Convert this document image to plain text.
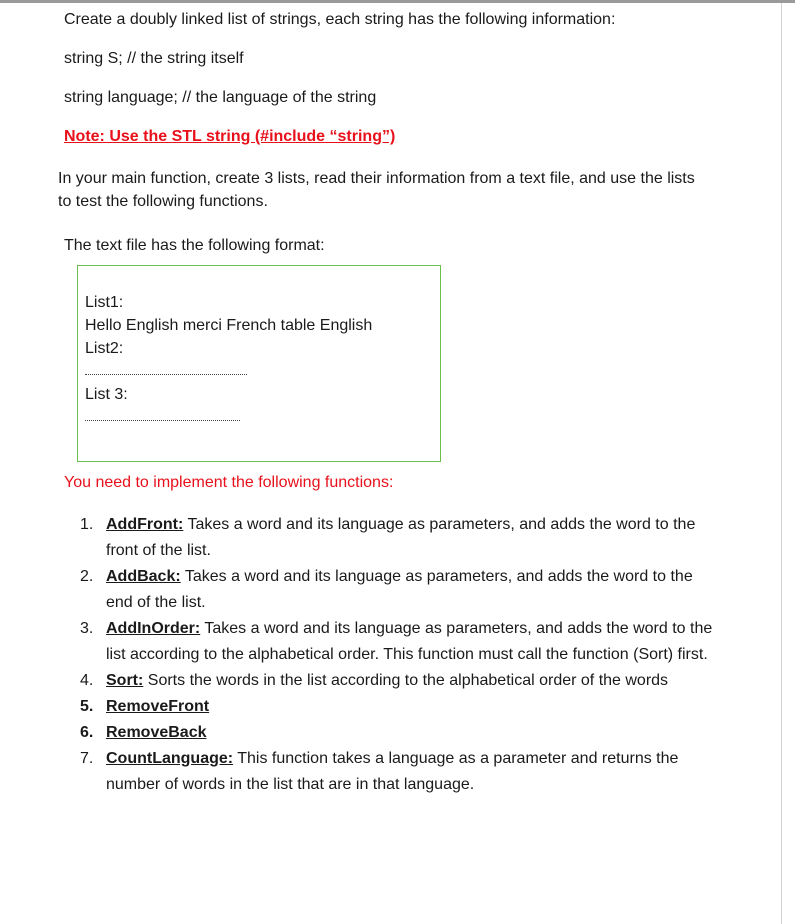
Create a doubly linked list of strings, each string has the following information:
string S; // the string itself
string language; // the language of the string
Note: Use the STL string (#include “string”)
In your main function, create 3 lists, read their information from a text file, and use the lists to test the following functions.
The text file has the following format:
List1:
Hello English merci French table English
List2:
List 3:
You need to implement the following functions:
1. AddFront: Takes a word and its language as parameters, and adds the word to the front of the list.
2. AddBack: Takes a word and its language as parameters, and adds the word to the end of the list.
3. AddInOrder: Takes a word and its language as parameters, and adds the word to the list according to the alphabetical order. This function must call the function (Sort) first.
4. Sort: Sorts the words in the list according to the alphabetical order of the words
5. RemoveFront
6. RemoveBack
7. CountLanguage: This function takes a language as a parameter and returns the number of words in the list that are in that language.
